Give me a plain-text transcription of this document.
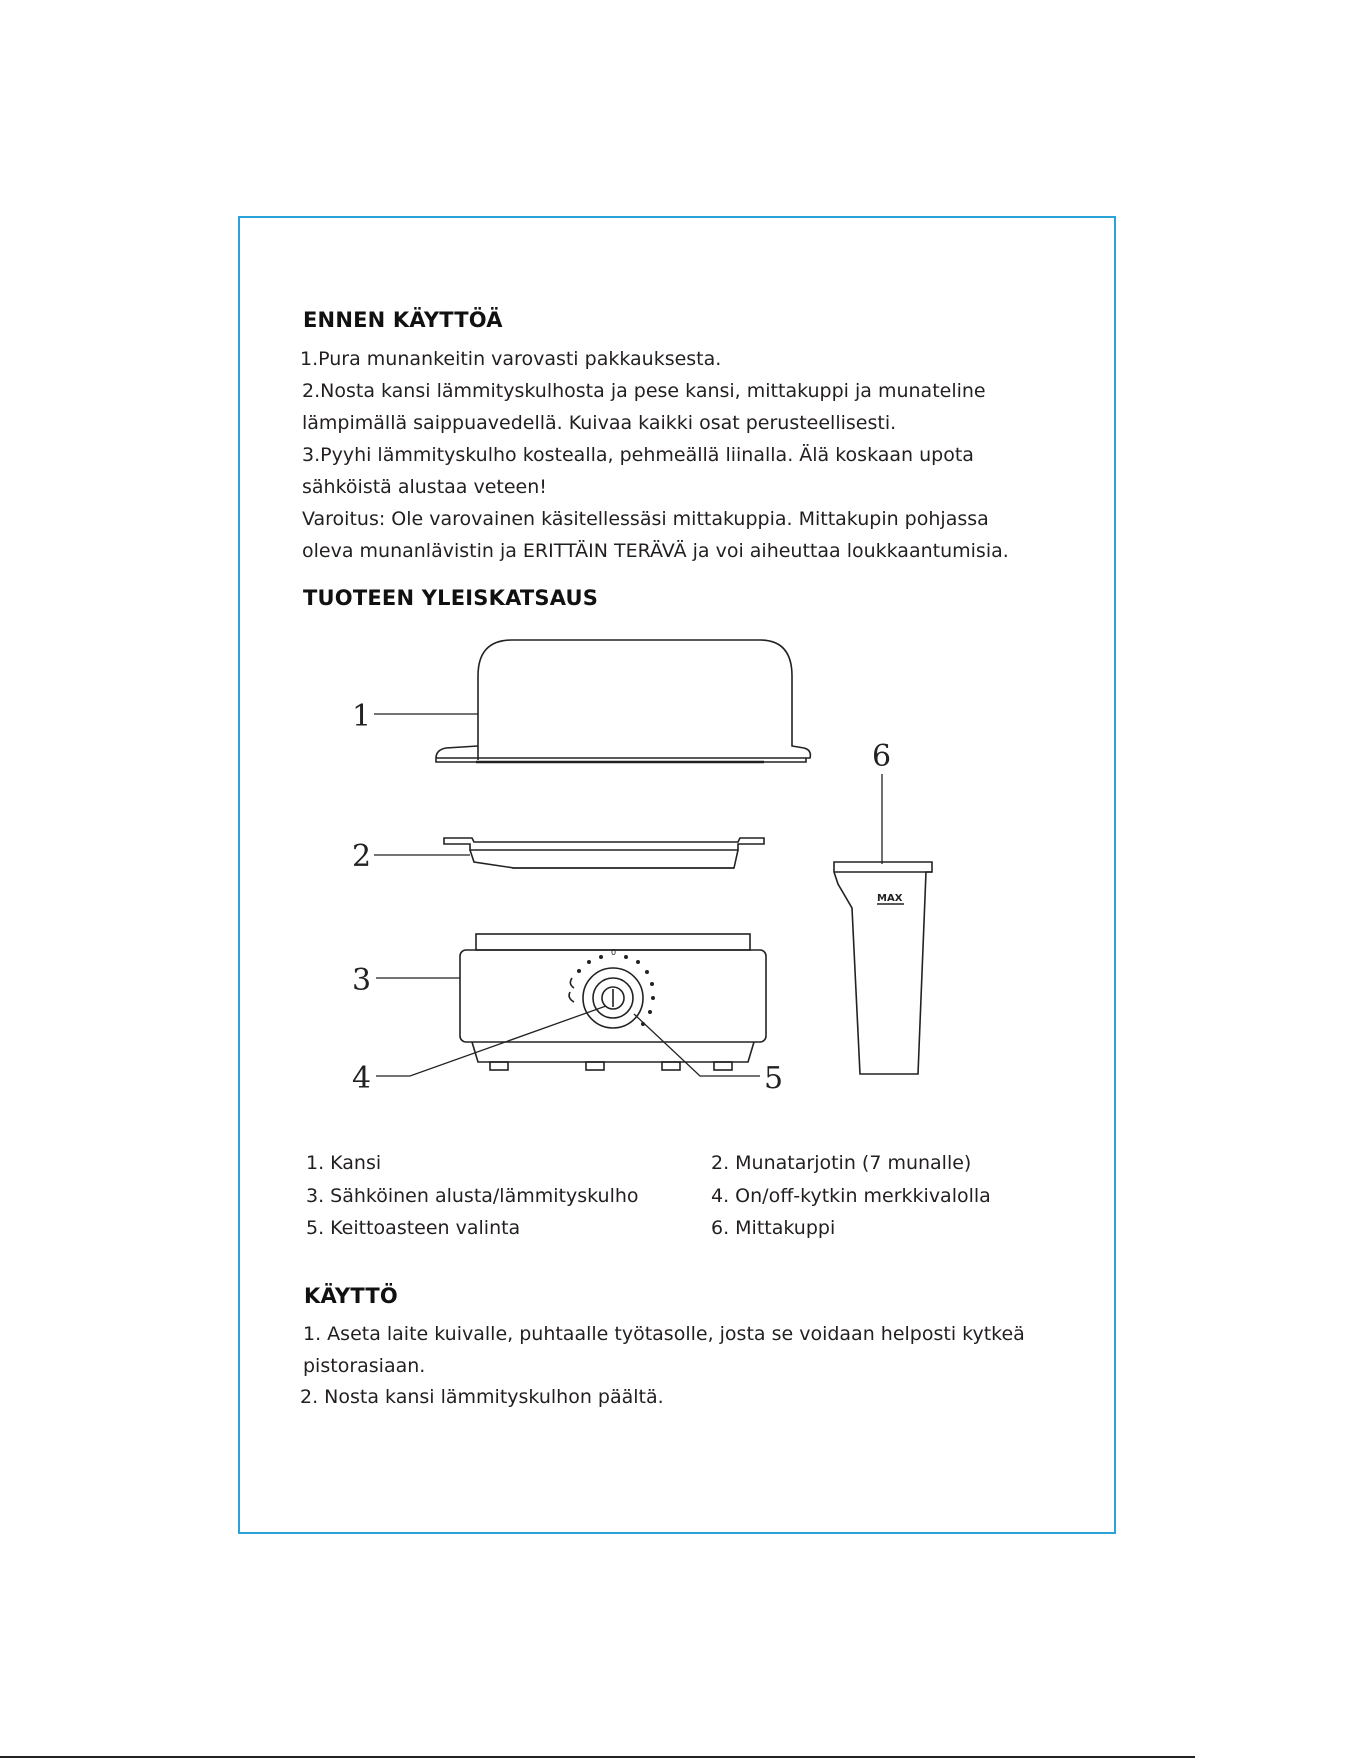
ENNEN KÄYTTÖÄ
1.Pura munankeitin varovasti pakkauksesta.
2.Nosta kansi lämmityskulhosta ja pese kansi, mittakuppi ja munateline
lämpimällä saippuavedellä. Kuivaa kaikki osat perusteellisesti.
3.Pyyhi lämmityskulho kostealla, pehmeällä liinalla. Älä koskaan upota
sähköistä alustaa veteen!
Varoitus: Ole varovainen käsitellessäsi mittakuppia. Mittakupin pohjassa
oleva munanlävistin ja ERITTÄIN TERÄVÄ ja voi aiheuttaa loukkaantumisia.
TUOTEEN YLEISKATSAUS
1
2
3
4	5
6
MAX
0
1. Kansi
3. Sähköinen alusta/lämmityskulho
5. Keittoasteen valinta
2. Munatarjotin (7 munalle)
4. On/off-kytkin merkkivalolla
6. Mittakuppi
KÄYTTÖ
1. Aseta laite kuivalle, puhtaalle työtasolle, josta se voidaan helposti kytkeä
pistorasiaan.
2. Nosta kansi lämmityskulhon päältä.
